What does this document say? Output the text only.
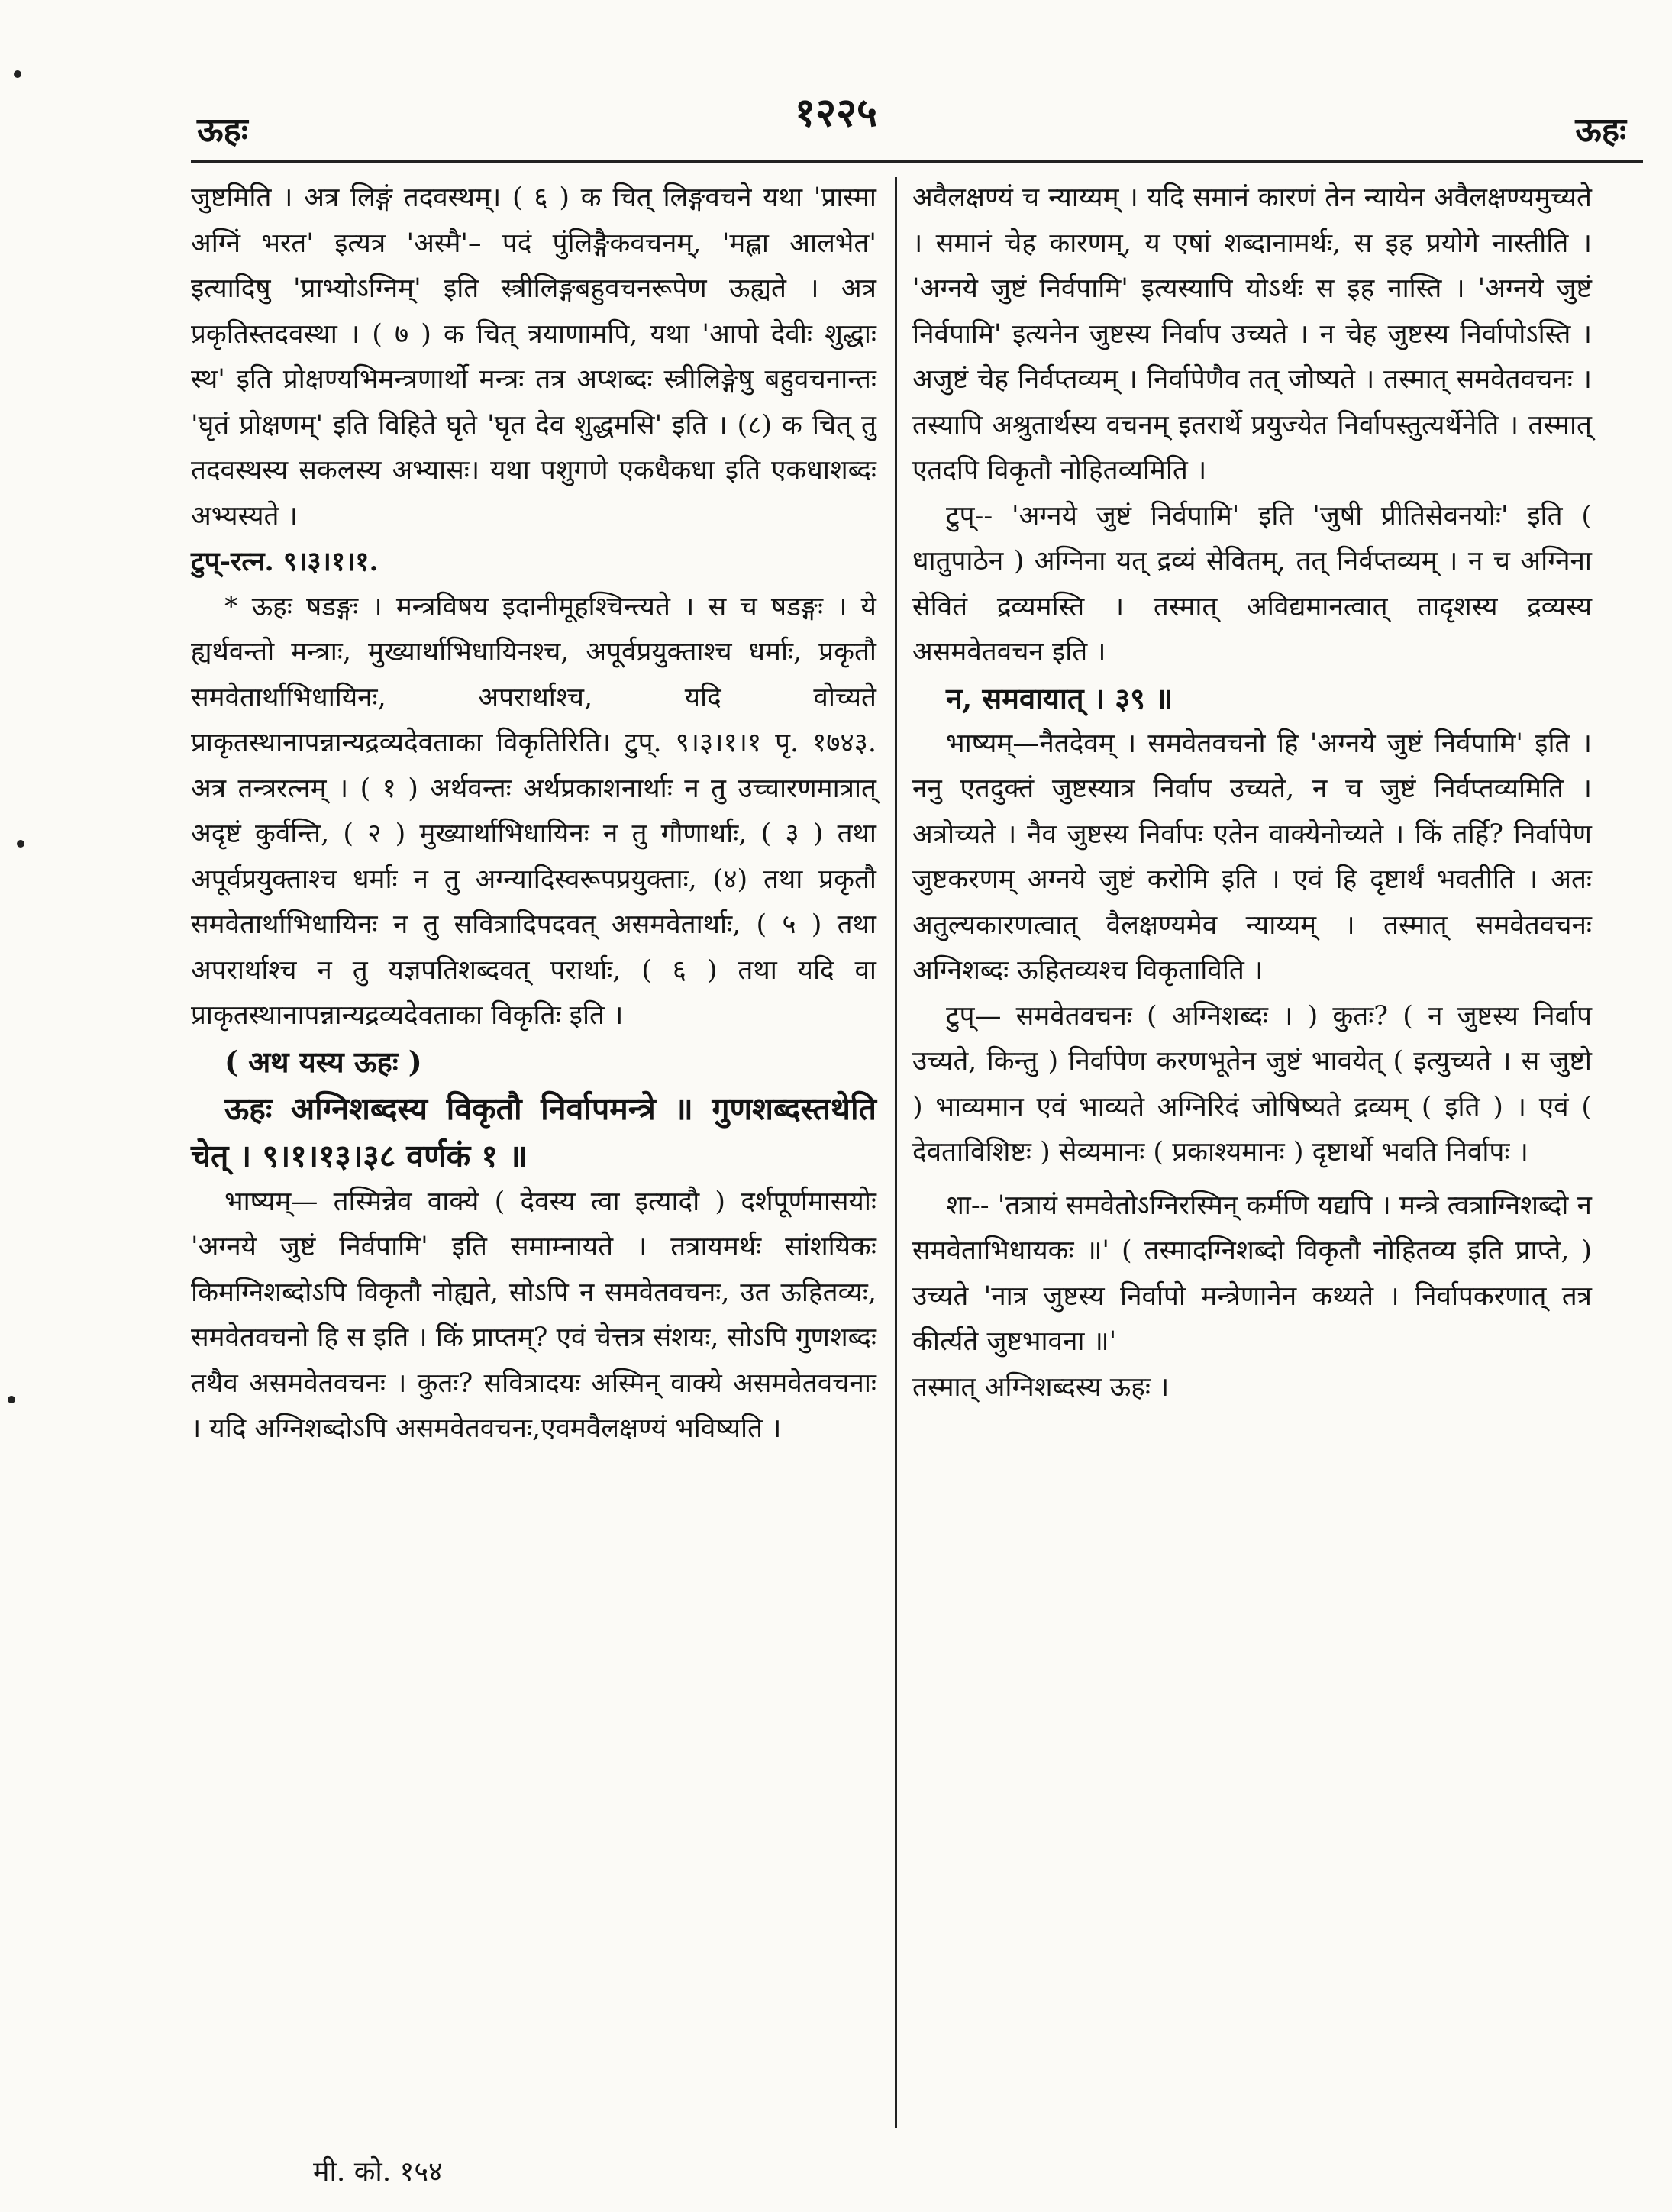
ऊहः	१२२५	ऊहः

जुष्टमिति । अत्र लिङ्गं तदवस्थम्। ( ६ ) क चित् लिङ्गवचने यथा 'प्रास्मा अग्निं भरत' इत्यत्र 'अस्मै'– पदं पुंलिङ्गैकवचनम्, 'मह्ला आलभेत' इत्यादिषु 'प्राभ्योऽग्निम्' इति स्त्रीलिङ्गबहुवचनरूपेण ऊह्यते । अत्र प्रकृतिस्तदवस्था । ( ७ ) क चित् त्रयाणामपि, यथा 'आपो देवीः शुद्धाः स्थ' इति प्रोक्षण्यभिमन्त्रणार्थो मन्त्रः तत्र अप्शब्दः स्त्रीलिङ्गेषु बहुवचनान्तः 'घृतं प्रोक्षणम्' इति विहिते घृते 'घृत देव शुद्धमसि' इति । (८) क चित् तु तदवस्थस्य सकलस्य अभ्यासः। यथा पशुगणे एकधैकधा इति एकधाशब्दः अभ्यस्यते ।

टुप्-रत्न. ९।३।१।१.

* ऊहः षडङ्गः । मन्त्रविषय इदानीमूहश्चिन्त्यते । स च षडङ्गः । ये ह्यर्थवन्तो मन्त्राः, मुख्यार्थाभिधायिनश्च, अपूर्वप्रयुक्ताश्च धर्माः, प्रकृतौ समवेतार्थाभिधायिनः, अपरार्थाश्च, यदि वोच्यते प्राकृतस्थानापन्नान्यद्रव्यदेवताका विकृतिरिति। टुप्. ९।३।१।१ पृ. १७४३. अत्र तन्त्ररत्नम् । ( १ ) अर्थवन्तः अर्थप्रकाशनार्थाः न तु उच्चारणमात्रात् अदृष्टं कुर्वन्ति, ( २ ) मुख्यार्थाभिधायिनः न तु गौणार्थाः, ( ३ ) तथा अपूर्वप्रयुक्ताश्च धर्माः न तु अग्न्यादिस्वरूपप्रयुक्ताः, (४) तथा प्रकृतौ समवेतार्थाभिधायिनः न तु सवित्रादिपदवत् असमवेतार्थाः, ( ५ ) तथा अपरार्थाश्च न तु यज्ञपतिशब्दवत् परार्थाः, ( ६ ) तथा यदि वा प्राकृतस्थानापन्नान्यद्रव्यदेवताका विकृतिः इति ।

( अथ यस्य ऊहः )

ऊहः अग्निशब्दस्य विकृतौ निर्वापमन्त्रे ॥ गुणशब्दस्तथेति चेत् । ९।१।१३।३८ वर्णकं १ ॥

भाष्यम्— तस्मिन्नेव वाक्ये ( देवस्य त्वा इत्यादौ ) दर्शपूर्णमासयोः 'अग्नये जुष्टं निर्वपामि' इति समाम्नायते । तत्रायमर्थः सांशयिकः किमग्निशब्दोऽपि विकृतौ नोह्यते, सोऽपि न समवेतवचनः, उत ऊहितव्यः, समवेतवचनो हि स इति । किं प्राप्तम्? एवं चेत्तत्र संशयः, सोऽपि गुणशब्दः तथैव असमवेतवचनः । कुतः? सवित्रादयः अस्मिन् वाक्ये असमवेतवचनाः । यदि अग्निशब्दोऽपि असमवेतवचनः,एवमवैलक्षण्यं भविष्यति ।

अवैलक्षण्यं च न्याय्यम् । यदि समानं कारणं तेन न्यायेन अवैलक्षण्यमुच्यते । समानं चेह कारणम्, य एषां शब्दानामर्थः, स इह प्रयोगे नास्तीति । 'अग्नये जुष्टं निर्वपामि' इत्यस्यापि योऽर्थः स इह नास्ति । 'अग्नये जुष्टं निर्वपामि' इत्यनेन जुष्टस्य निर्वाप उच्यते । न चेह जुष्टस्य निर्वापोऽस्ति । अजुष्टं चेह निर्वप्तव्यम् । निर्वापेणैव तत् जोष्यते । तस्मात् समवेतवचनः । तस्यापि अश्रुतार्थस्य वचनम् इतरार्थे प्रयुज्येत निर्वापस्तुत्यर्थेनेति । तस्मात् एतदपि विकृतौ नोहितव्यमिति ।

टुप्-- 'अग्नये जुष्टं निर्वपामि' इति 'जुषी प्रीतिसेवनयोः' इति ( धातुपाठेन ) अग्निना यत् द्रव्यं सेवितम्, तत् निर्वप्तव्यम् । न च अग्निना सेवितं द्रव्यमस्ति । तस्मात् अविद्यमानत्वात् तादृशस्य द्रव्यस्य असमवेतवचन इति ।

न, समवायात् । ३९ ॥

भाष्यम्—नैतदेवम् । समवेतवचनो हि 'अग्नये जुष्टं निर्वपामि' इति । ननु एतदुक्तं जुष्टस्यात्र निर्वाप उच्यते, न च जुष्टं निर्वप्तव्यमिति । अत्रोच्यते । नैव जुष्टस्य निर्वापः एतेन वाक्येनोच्यते । किं तर्हि? निर्वापेण जुष्टकरणम् अग्नये जुष्टं करोमि इति । एवं हि दृष्टार्थं भवतीति । अतः अतुल्यकारणत्वात् वैलक्षण्यमेव न्याय्यम् । तस्मात् समवेतवचनः अग्निशब्दः ऊहितव्यश्च विकृताविति ।

टुप्— समवेतवचनः ( अग्निशब्दः । ) कुतः? ( न जुष्टस्य निर्वाप उच्यते, किन्तु ) निर्वापेण करणभूतेन जुष्टं भावयेत् ( इत्युच्यते । स जुष्टो ) भाव्यमान एवं भाव्यते अग्निरिदं जोषिष्यते द्रव्यम् ( इति ) । एवं ( देवताविशिष्टः ) सेव्यमानः ( प्रकाश्यमानः ) दृष्टार्थो भवति निर्वापः ।

शा-- 'तत्रायं समवेतोऽग्निरस्मिन् कर्मणि यद्यपि । मन्त्रे त्वत्राग्निशब्दो न समवेताभिधायकः ॥' ( तस्मादग्निशब्दो विकृतौ नोहितव्य इति प्राप्ते, ) उच्यते 'नात्र जुष्टस्य निर्वापो मन्त्रेणानेन कथ्यते । निर्वापकरणात् तत्र कीर्त्यते जुष्टभावना ॥'

तस्मात् अग्निशब्दस्य ऊहः ।

मी. को. १५४
